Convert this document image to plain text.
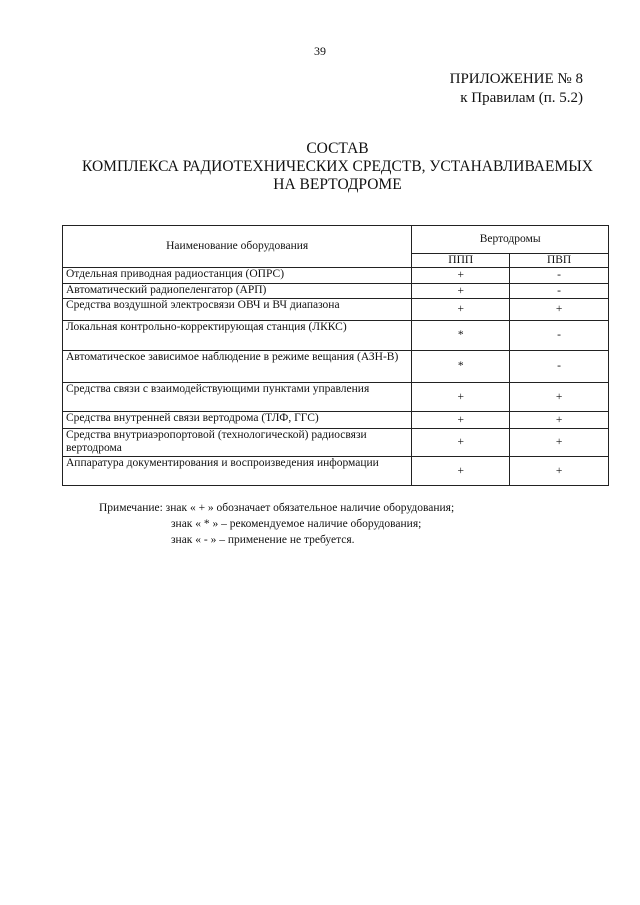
39
ПРИЛОЖЕНИЕ № 8
к Правилам (п. 5.2)
СОСТАВ
КОМПЛЕКСА РАДИОТЕХНИЧЕСКИХ СРЕДСТВ, УСТАНАВЛИВАЕМЫХ
НА ВЕРТОДРОМЕ
Наименование оборудования	Вертодромы	
	ППП	ПВП
Отдельная приводная радиостанция (ОПРС)	+	-
Автоматический радиопеленгатор (АРП)	+	-
Средства воздушной электросвязи ОВЧ и ВЧ диапазона	+	+
Локальная контрольно-корректирующая станция (ЛККС)	*	-
Автоматическое зависимое наблюдение в режиме вещания (АЗН-В)	*	-
Средства связи с взаимодействующими пунктами управления	+	+
Средства внутренней связи вертодрома (ТЛФ, ГГС)	+	+
Средства внутриаэропортовой (технологической) радиосвязи вертодрома	+	+
Аппаратура документирования и воспроизведения информации	+	+
Примечание: знак « + » обозначает обязательное наличие оборудования;
знак « * » – рекомендуемое наличие оборудования;
знак « - » – применение не требуется.
